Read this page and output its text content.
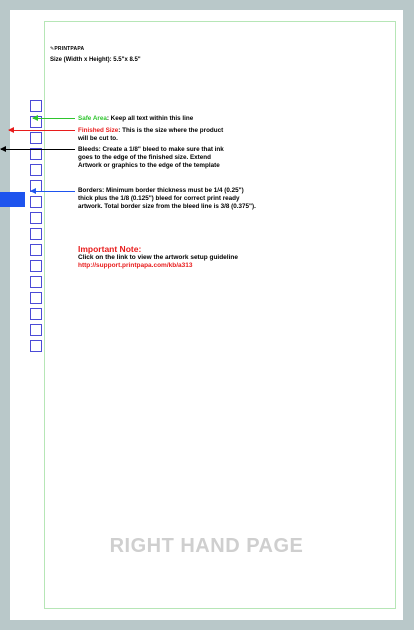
✎PRINTPAPA
Size (Width x Height): 5.5"x 8.5"
Safe Area: Keep all text within this line
Finished Size: This is the size where the product will be cut to.
Bleeds: Create a 1/8" bleed to make sure that ink goes to the edge of the finished size. Extend Artwork or graphics to the edge of the template
Borders: Minimum border thickness must be 1/4 (0.25") thick plus the 1/8 (0.125") bleed for correct print ready artwork. Total border size from the bleed line is 3/8 (0.375").
Important Note:
Click on the link to view the artwork setup guideline
http://support.printpapa.com/kb/a313
RIGHT HAND PAGE
